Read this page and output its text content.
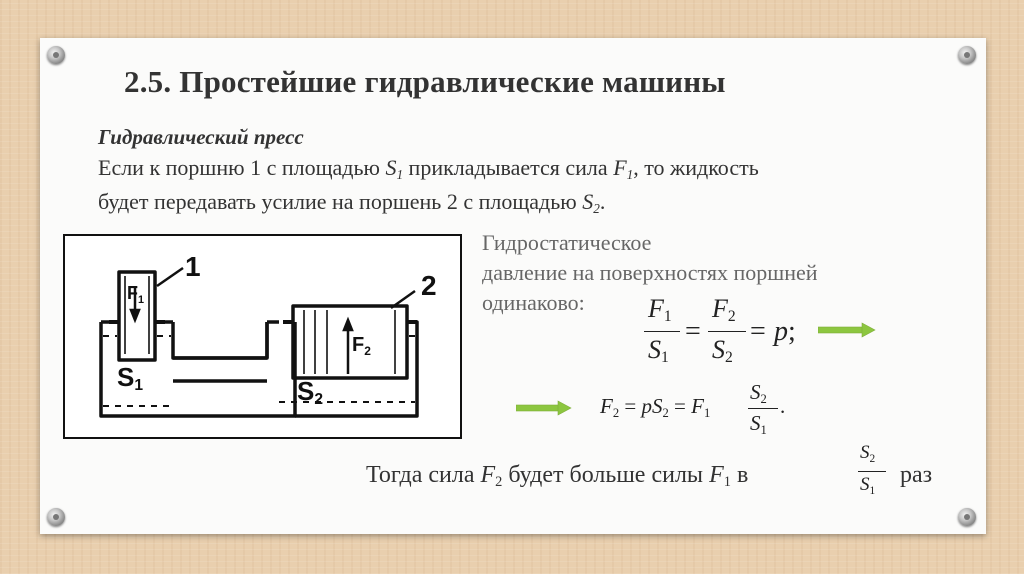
2.5. Простейшие гидравлические машины
Гидравлический пресс
Если к поршню 1 с площадью $S_1$ прикладывается сила $F_1$, то жидкость
будет передавать усилие на поршень 2 с площадью $S_2$.
1
2
$S_1$	$S_2$
$F_1$
$F_2$
Гидростатическое
давление на поверхностях поршней
одинаково:	$F_1$
$S_1$
=
$F_2$
$S_2$
= p;
$F_2 = pS_2 = F_1$
$S_2$
$S_1$
.
Тогда сила $F_2$ будет больше силы $F_1$ в
$S_2$
$S_1$
раз
